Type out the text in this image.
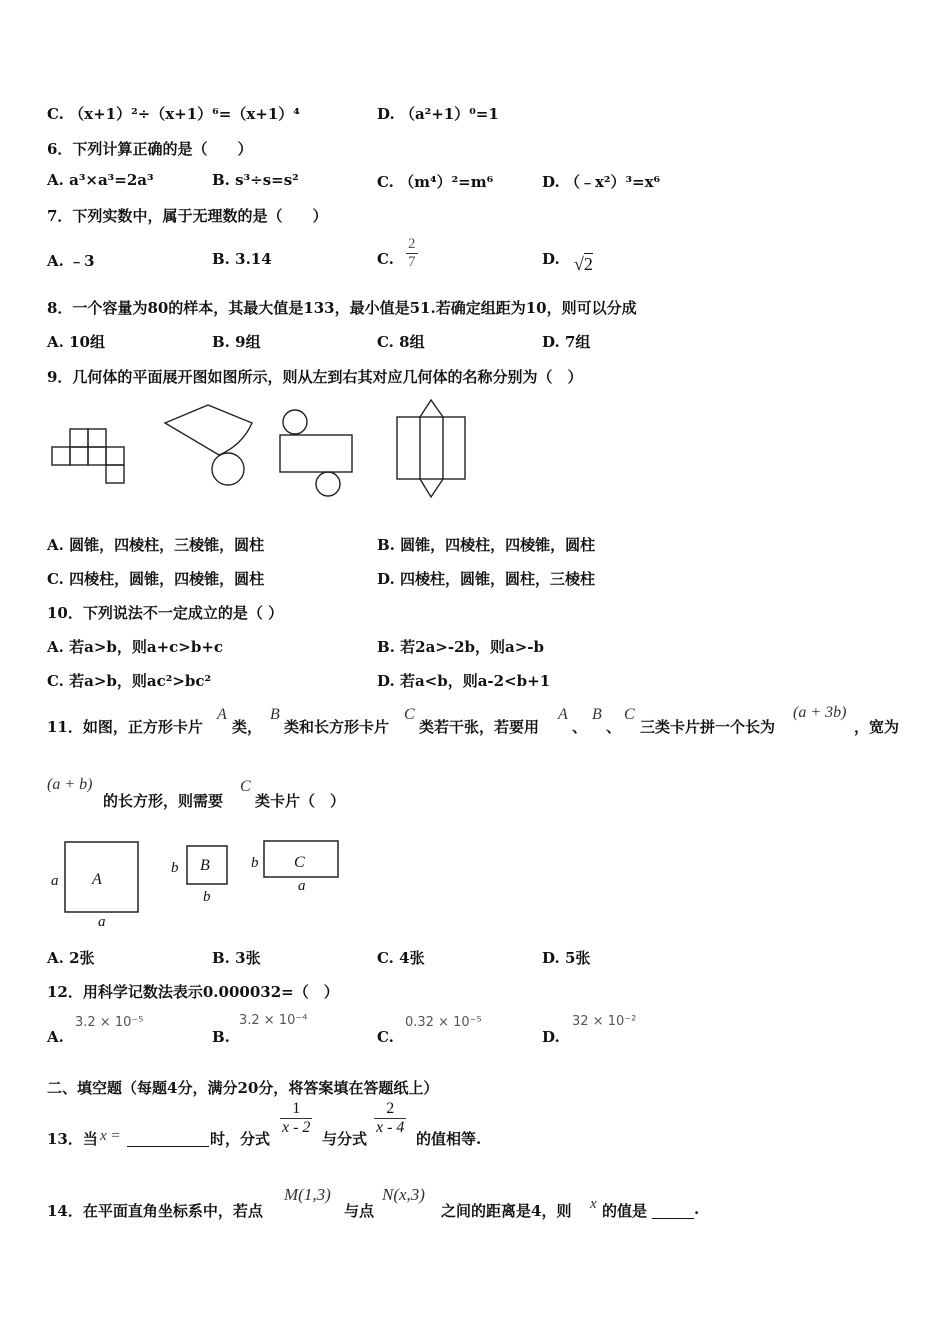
C. （x+1）²÷（x+1）⁶=（x+1）⁴	D. （a²+1）⁰=1
6．下列计算正确的是（　　）
A. a³×a³=2a³	B. s³÷s=s²	C. （m⁴）²=m⁶	D. （﹣x²）³=x⁶
7．下列实数中，属于无理数的是（　　）
A. ﹣3	B. 3.14	C. $\frac{2}{7}$	D. √2
8．一个容量为80的样本，其最大值是133，最小值是51.若确定组距为10，则可以分成
A. 10组	B. 9组	C. 8组	D. 7组
9．几何体的平面展开图如图所示，则从左到右其对应几何体的名称分别为（　）
A. 圆锥，四棱柱，三棱锥，圆柱	B. 圆锥，四棱柱，四棱锥，圆柱
C. 四棱柱，圆锥，四棱锥，圆柱	D. 四棱柱，圆锥，圆柱，三棱柱
10．下列说法不一定成立的是（ ）
A. 若a>b，则a+c>b+c	B. 若2a>-2b，则a>-b
C. 若a>b，则ac²>bc²	D. 若a<b，则a-2<b+1
11．如图，正方形卡片
A
类，
B
类和长方形卡片
C
类若干张，若要用
A
、
B
、
C
三类卡片拼一个长为
(a + 3b)
，宽为
(a + b)
的长方形，则需要
C
类卡片（　）
a
a
A
b
b
B	b
a
C
A. 2张	B. 3张	C. 4张	D. 5张
12．用科学记数法表示0.000032=（　）
A.
3.2 × 10⁻⁵
B.
3.2 × 10⁻⁴
C.
0.32 × 10⁻⁵
D.
32 × 10⁻²
二、填空题（每题4分，满分20分，将答案填在答题纸上）
13．当 x =	时，分式
$\frac{1}{x - 2}$
与分式
$\frac{2}{x - 4}$
的值相等.
14．在平面直角坐标系中，若点
M(1,3)
与点
N(x,3)
之间的距离是4，则 x 的值是	.
